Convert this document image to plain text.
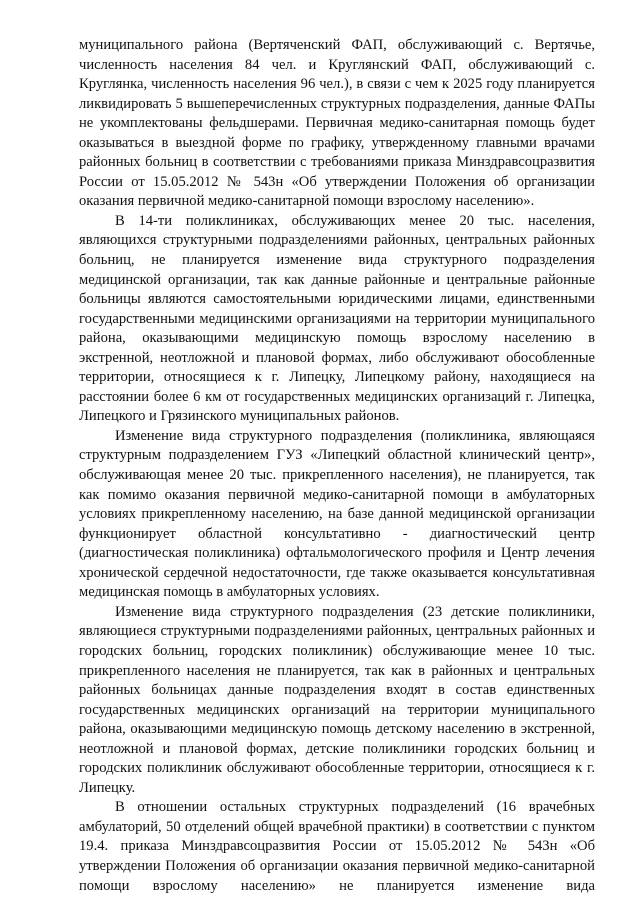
муниципального района (Вертяченский ФАП, обслуживающий с. Вертячье, численность населения 84 чел. и Круглянский ФАП, обслуживающий с. Круглянка, численность населения 96 чел.), в связи с чем к 2025 году планируется ликвидировать 5 вышеперечисленных структурных подразделения, данные ФАПы не укомплектованы фельдшерами. Первичная медико-санитарная помощь будет оказываться в выездной форме по графику, утвержденному главными врачами районных больниц в соответствии с требованиями приказа Минздравсоцразвития России от 15.05.2012 № 543н «Об утверждении Положения об организации оказания первичной медико-санитарной помощи взрослому населению».

В 14-ти поликлиниках, обслуживающих менее 20 тыс. населения, являющихся структурными подразделениями районных, центральных районных больниц, не планируется изменение вида структурного подразделения медицинской организации, так как данные районные и центральные районные больницы являются самостоятельными юридическими лицами, единственными государственными медицинскими организациями на территории муниципального района, оказывающими медицинскую помощь взрослому населению в экстренной, неотложной и плановой формах, либо обслуживают обособленные территории, относящиеся к г. Липецку, Липецкому району, находящиеся на расстоянии более 6 км от государственных медицинских организаций г. Липецка, Липецкого и Грязинского муниципальных районов.

Изменение вида структурного подразделения (поликлиника, являющаяся структурным подразделением ГУЗ «Липецкий областной клинический центр», обслуживающая менее 20 тыс. прикрепленного населения), не планируется, так как помимо оказания первичной медико-санитарной помощи в амбулаторных условиях прикрепленному населению, на базе данной медицинской организации функционирует областной консультативно - диагностический центр (диагностическая поликлиника) офтальмологического профиля и Центр лечения хронической сердечной недостаточности, где также оказывается консультативная медицинская помощь в амбулаторных условиях.

Изменение вида структурного подразделения (23 детские поликлиники, являющиеся структурными подразделениями районных, центральных районных и городских больниц, городских поликлиник) обслуживающие менее 10 тыс. прикрепленного населения не планируется, так как в районных и центральных районных больницах данные подразделения входят в состав единственных государственных медицинских организаций на территории муниципального района, оказывающими медицинскую помощь детскому населению в экстренной, неотложной и плановой формах, детские поликлиники городских больниц и городских поликлиник обслуживают обособленные территории, относящиеся к г. Липецку.

В отношении остальных структурных подразделений (16 врачебных амбулаторий, 50 отделений общей врачебной практики) в соответствии с пунктом 19.4. приказа Минздравсоцразвития России от 15.05.2012 № 543н «Об утверждении Положения об организации оказания первичной медико-санитарной помощи взрослому населению» не планируется изменение вида
